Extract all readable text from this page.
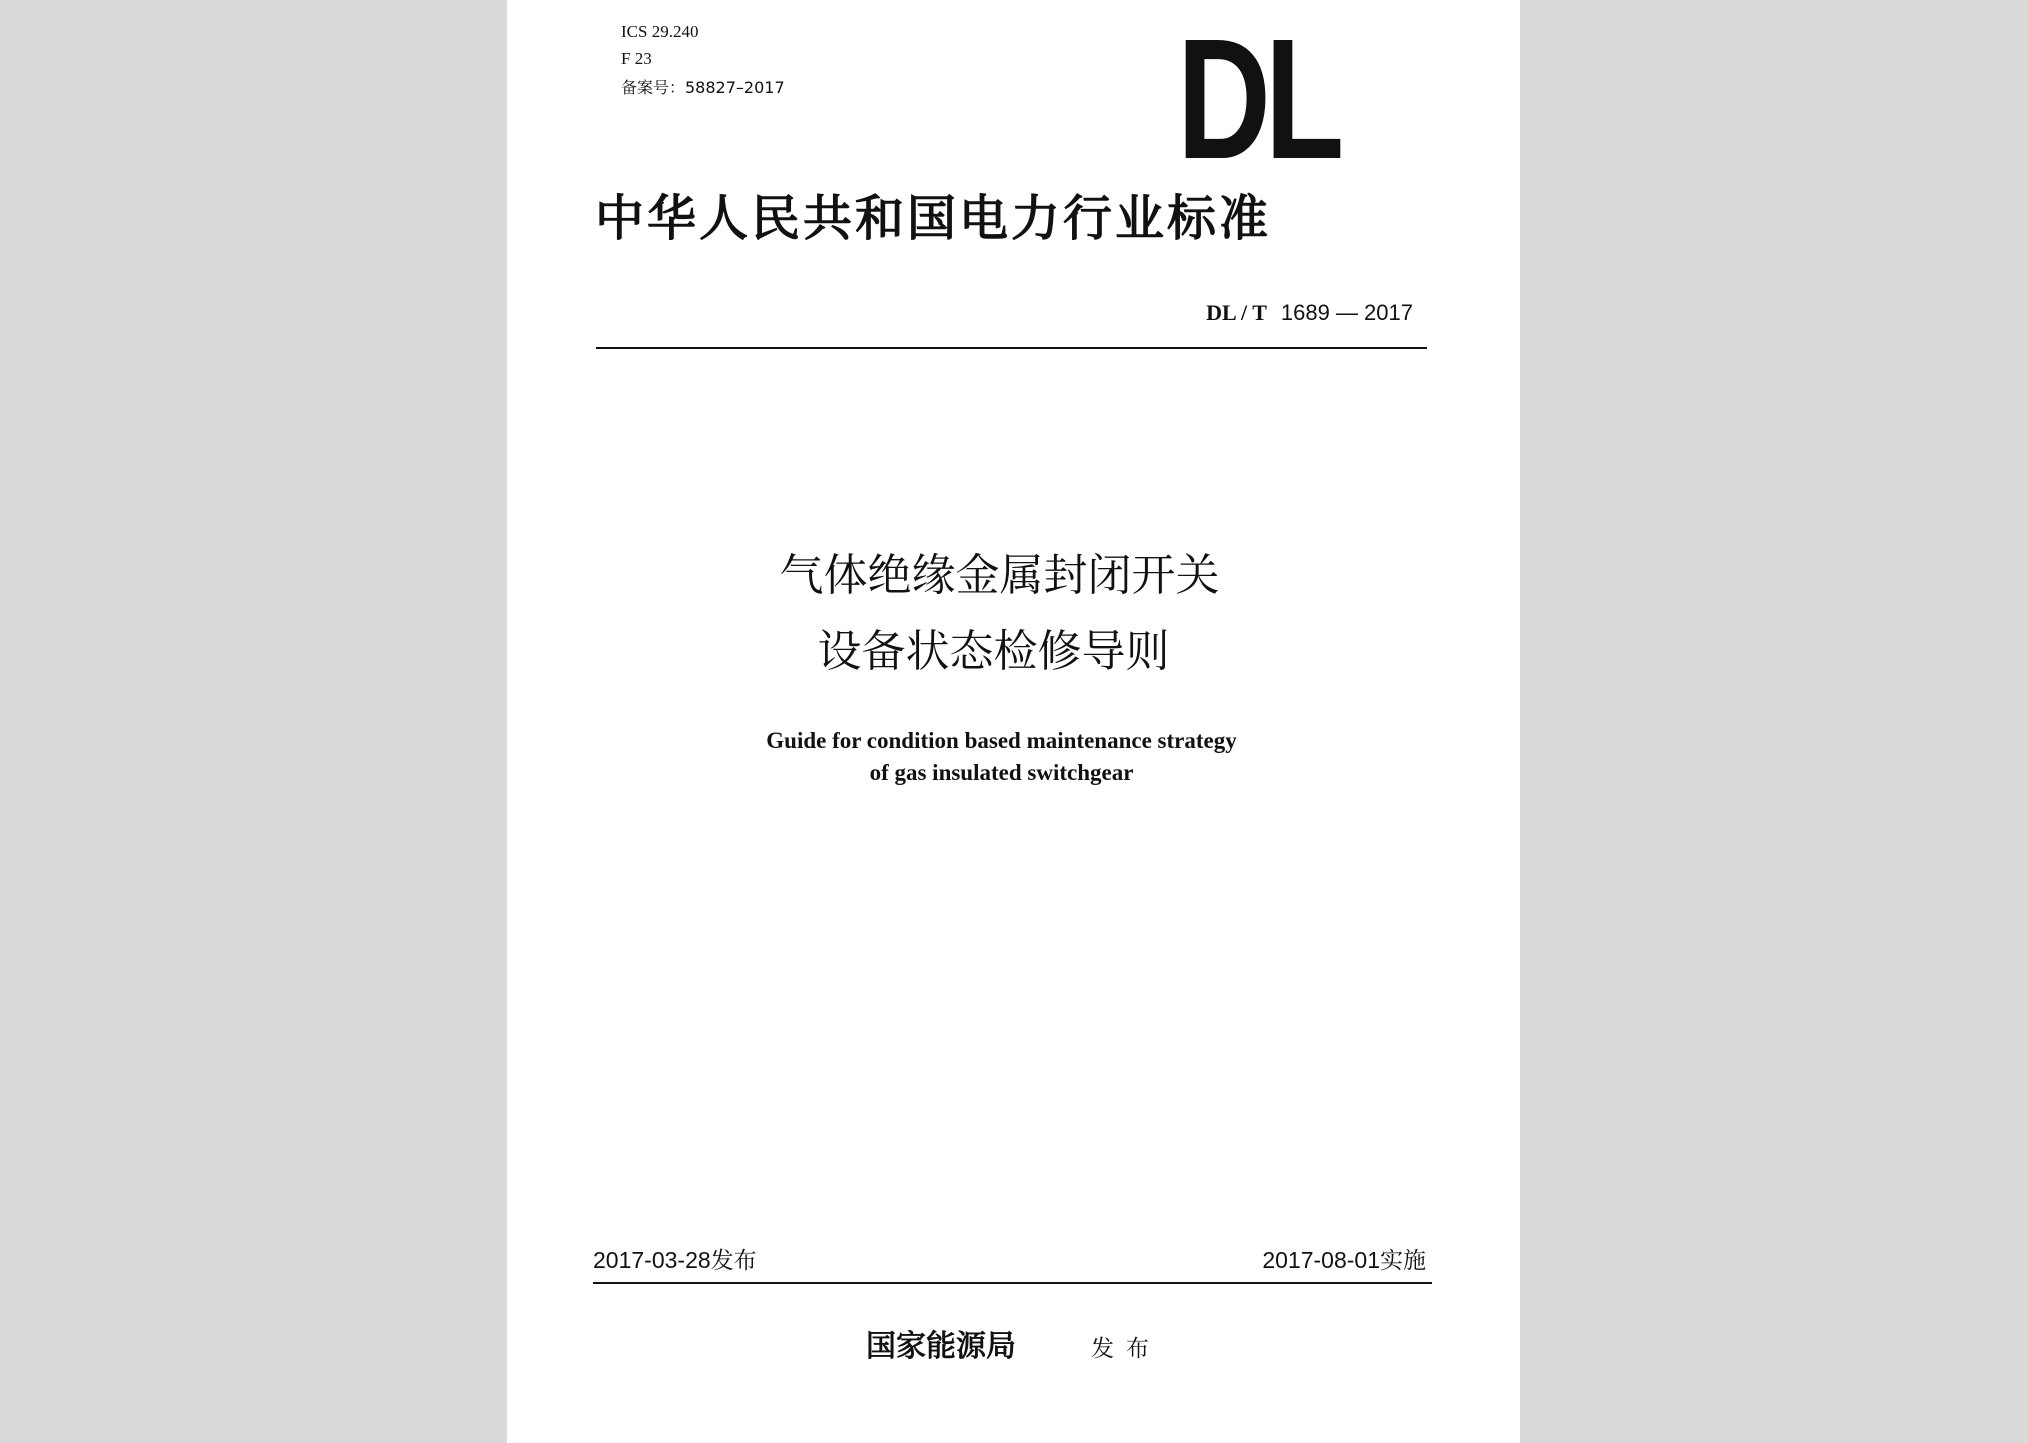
ICS 29.240
F 23
备案号：58827–2017	DL
中华人民共和国电力行业标准
DL / T 1689 — 2017
气体绝缘金属封闭开关
设备状态检修导则
Guide for condition based maintenance strategy
of gas insulated switchgear
2017-03-28发布	2017-08-01实施
国家能源局	发布
